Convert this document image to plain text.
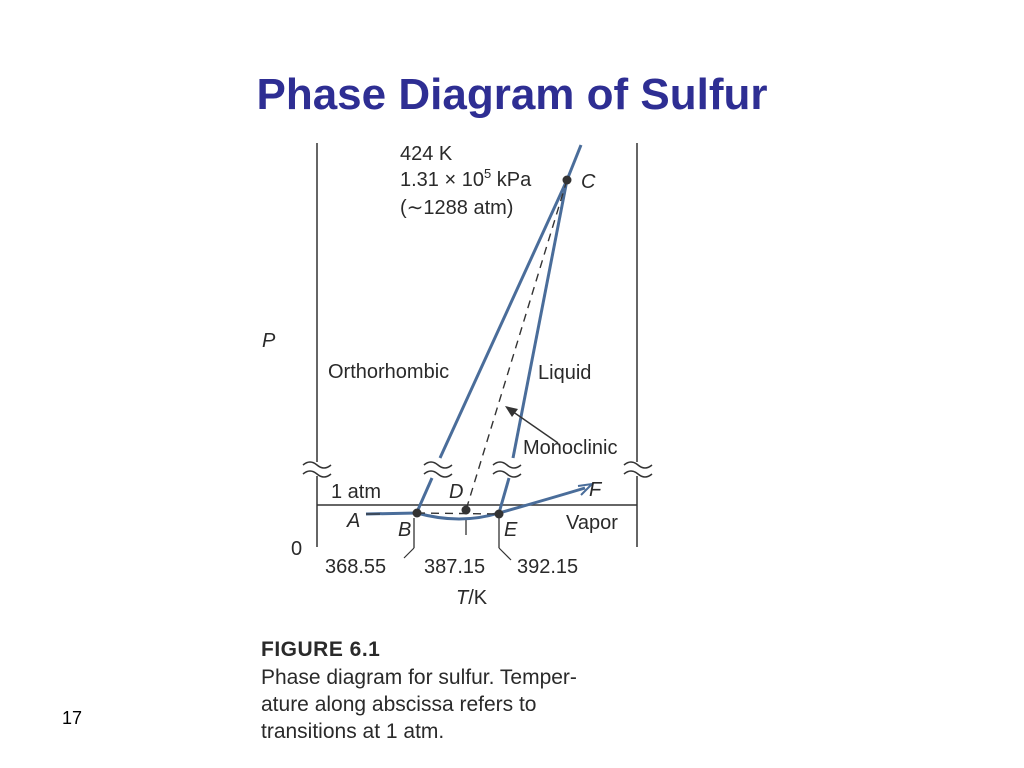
Phase Diagram of Sulfur
424 K
$1.31 \times 10^5$ kPa
(∼1288 atm)
C
A B
D
E
F
Orthorhombic	Liquid
Monoclinic
Vapor
P
1 atm
0
368.55 387.15 392.15
T/K
FIGURE 6.1
Phase diagram for sulfur. Temper-
ature along abscissa refers to
transitions at 1 atm.
17
